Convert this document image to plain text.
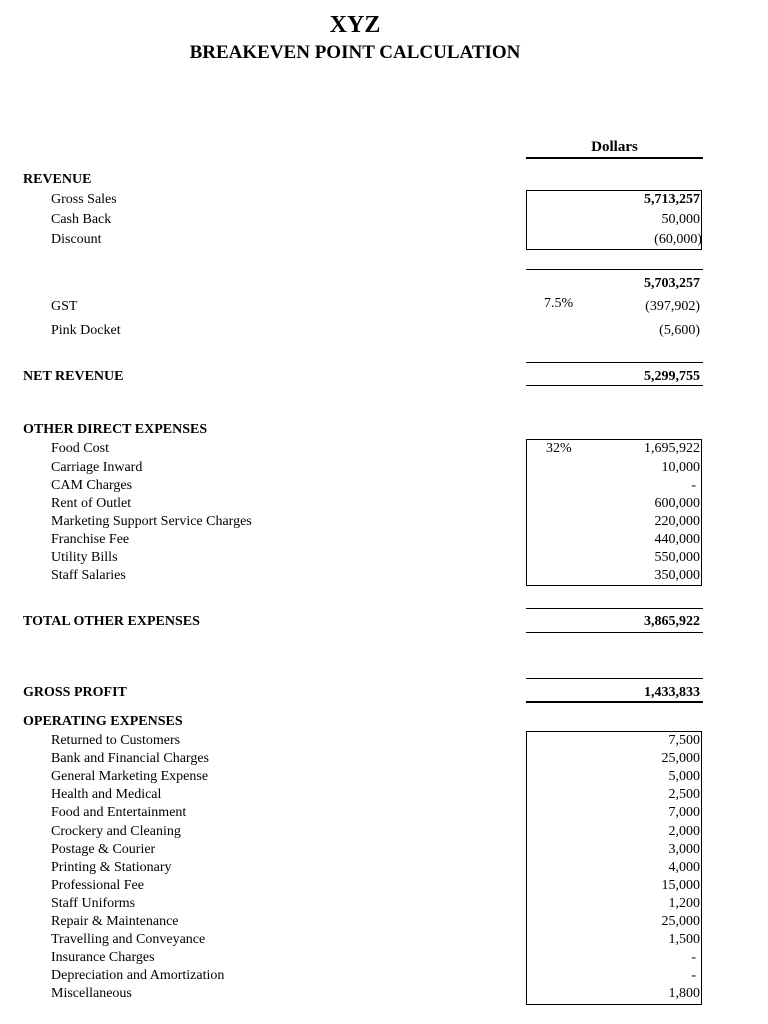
XYZ
BREAKEVEN POINT CALCULATION
Dollars
REVENUE
Gross Sales	5,713,257
Cash Back	50,000
Discount	(60,000)
5,703,257
GST	7.5%	(397,902)
Pink Docket	(5,600)
NET REVENUE	5,299,755
OTHER DIRECT EXPENSES
Food Cost	32%	1,695,922
Carriage Inward	10,000
CAM Charges	-
Rent of Outlet	600,000
Marketing Support Service Charges	220,000
Franchise Fee	440,000
Utility Bills	550,000
Staff Salaries	350,000
TOTAL OTHER EXPENSES	3,865,922
GROSS PROFIT	1,433,833
OPERATING EXPENSES
Returned to Customers	7,500
Bank and Financial Charges	25,000
General Marketing Expense	5,000
Health and Medical	2,500
Food and Entertainment	7,000
Crockery and Cleaning	2,000
Postage & Courier	3,000
Printing & Stationary	4,000
Professional Fee	15,000
Staff Uniforms	1,200
Repair & Maintenance	25,000
Travelling and Conveyance	1,500
Insurance Charges	-
Depreciation and Amortization	-
Miscellaneous	1,800
